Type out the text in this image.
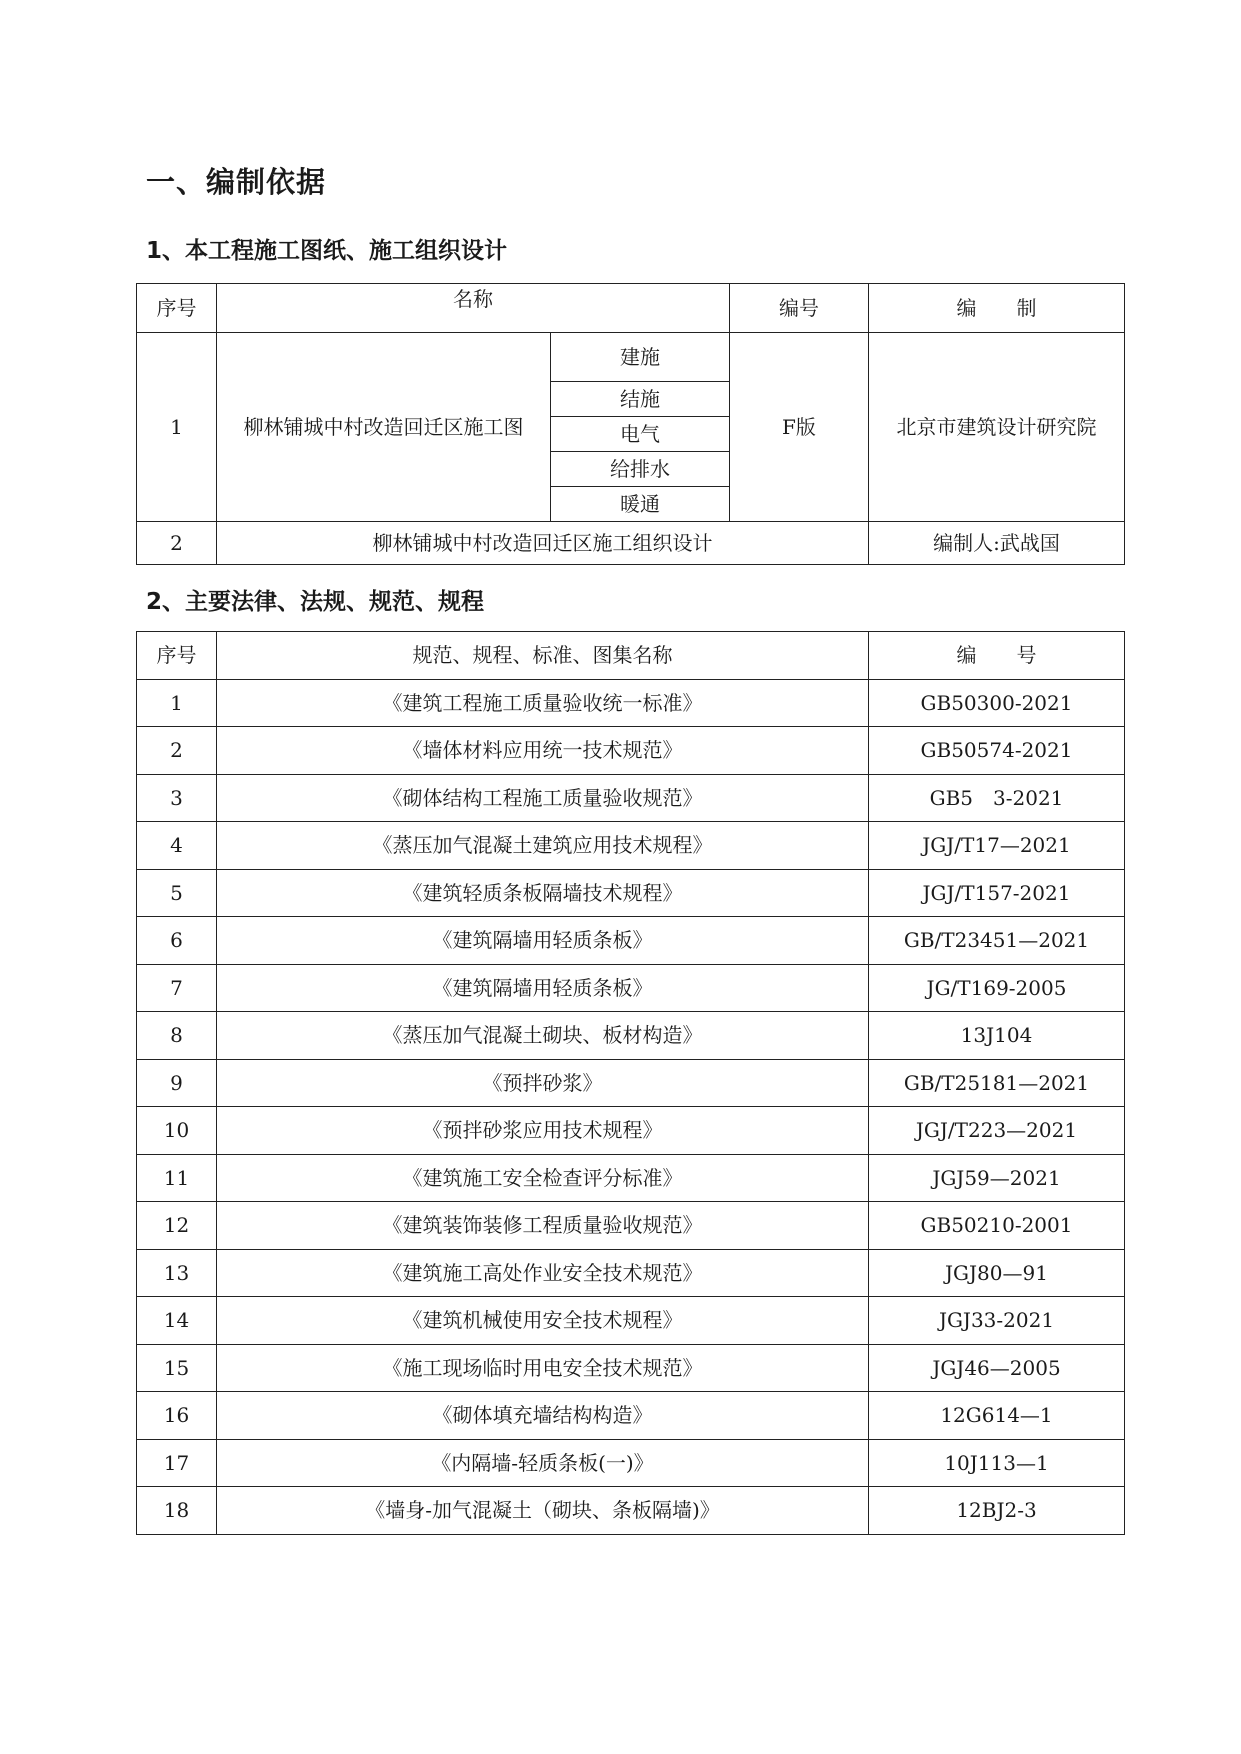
一、编制依据
1、本工程施工图纸、施工组织设计
序号	名称		编号	编　　制
1	柳林铺城中村改造回迁区施工图	建施	F版	北京市建筑设计研究院
		结施		
		电气		
		给排水		
		暖通		
2	柳林铺城中村改造回迁区施工组织设计			编制人:武战国
2、主要法律、法规、规范、规程
序号	规范、规程、标准、图集名称	编　　号
1	《建筑工程施工质量验收统一标准》	GB50300-2021
2	《墙体材料应用统一技术规范》	GB50574-2021
3	《砌体结构工程施工质量验收规范》	GB5　3-2021
4	《蒸压加气混凝土建筑应用技术规程》	JGJ/T17—2021
5	《建筑轻质条板隔墙技术规程》	JGJ/T157-2021
6	《建筑隔墙用轻质条板》	GB/T23451—2021
7	《建筑隔墙用轻质条板》	JG/T169-2005
8	《蒸压加气混凝土砌块、板材构造》	13J104
9	《预拌砂浆》	GB/T25181—2021
10	《预拌砂浆应用技术规程》	JGJ/T223—2021
11	《建筑施工安全检查评分标准》	JGJ59—2021
12	《建筑装饰装修工程质量验收规范》	GB50210-2001
13	《建筑施工高处作业安全技术规范》	JGJ80—91
14	《建筑机械使用安全技术规程》	JGJ33-2021
15	《施工现场临时用电安全技术规范》	JGJ46—2005
16	《砌体填充墙结构构造》	12G614—1
17	《内隔墙-轻质条板(一)》	10J113—1
18	《墙身-加气混凝土（砌块、条板隔墙)》	12BJ2-3
